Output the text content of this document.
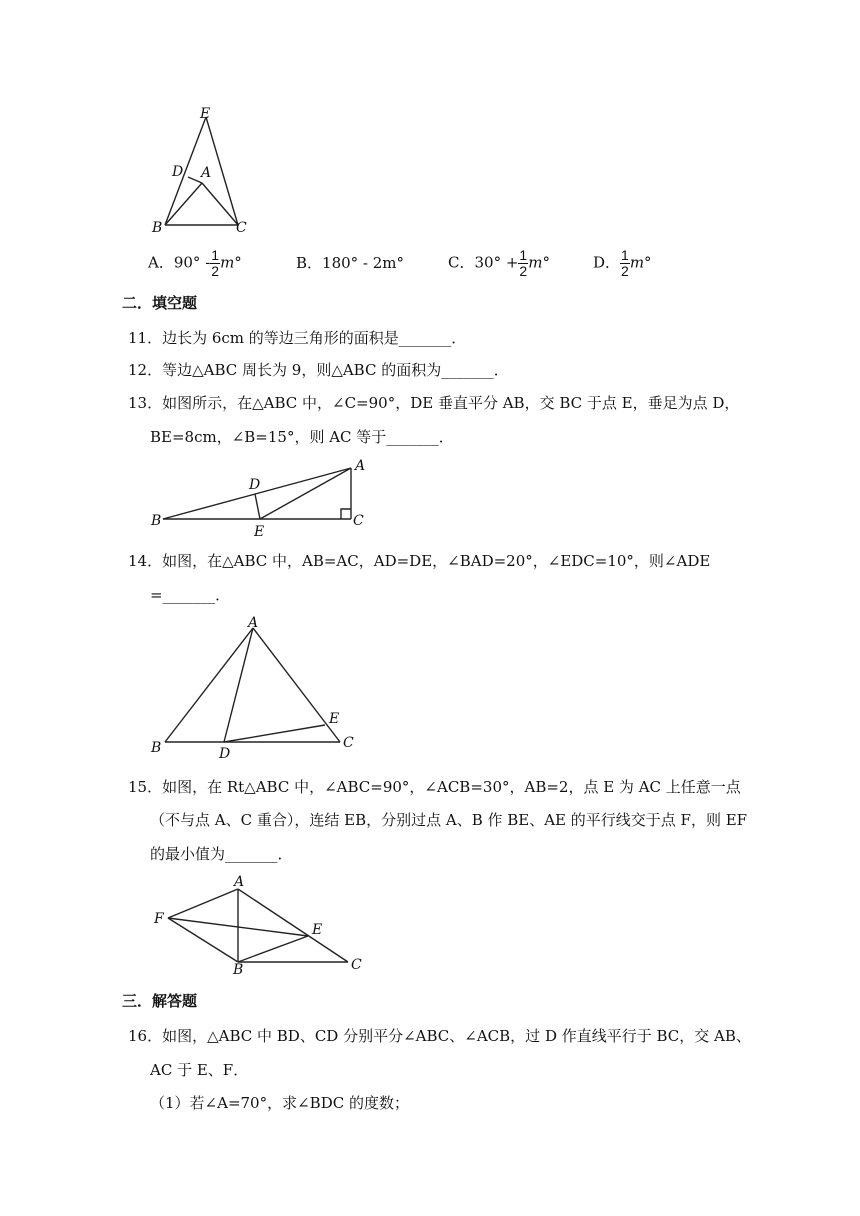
E
D A
B	C
A．$90^\circ - \frac{1}{2} m^\circ$	B．180° - 2m°	C．$30^\circ + \frac{1}{2} m^\circ$	D． $\frac{1}{2} m^\circ$
二．填空题
11．边长为 6cm 的等边三角形的面积是_______．
12．等边△ABC 周长为 9，则△ABC 的面积为_______．
13．如图所示，在△ABC 中，∠C=90°，DE 垂直平分 AB，交 BC 于点 E，垂足为点 D，
BE=8cm，∠B=15°，则 AC 等于_______．
A
D
B
E
C
14．如图，在△ABC 中，AB=AC，AD=DE，∠BAD=20°，∠EDC=10°，则∠ADE
=_______．
A
E
B	D
C
15．如图，在 Rt△ABC 中，∠ABC=90°，∠ACB=30°，AB=2，点 E 为 AC 上任意一点
（不与点 A、C 重合），连结 EB，分别过点 A、B 作 BE、AE 的平行线交于点 F，则 EF
的最小值为_______．
A
F
E
B	C
三．解答题
16．如图，△ABC 中 BD、CD 分别平分∠ABC、∠ACB，过 D 作直线平行于 BC，交 AB、
AC 于 E、F．
（1）若∠A=70°，求∠BDC 的度数；
